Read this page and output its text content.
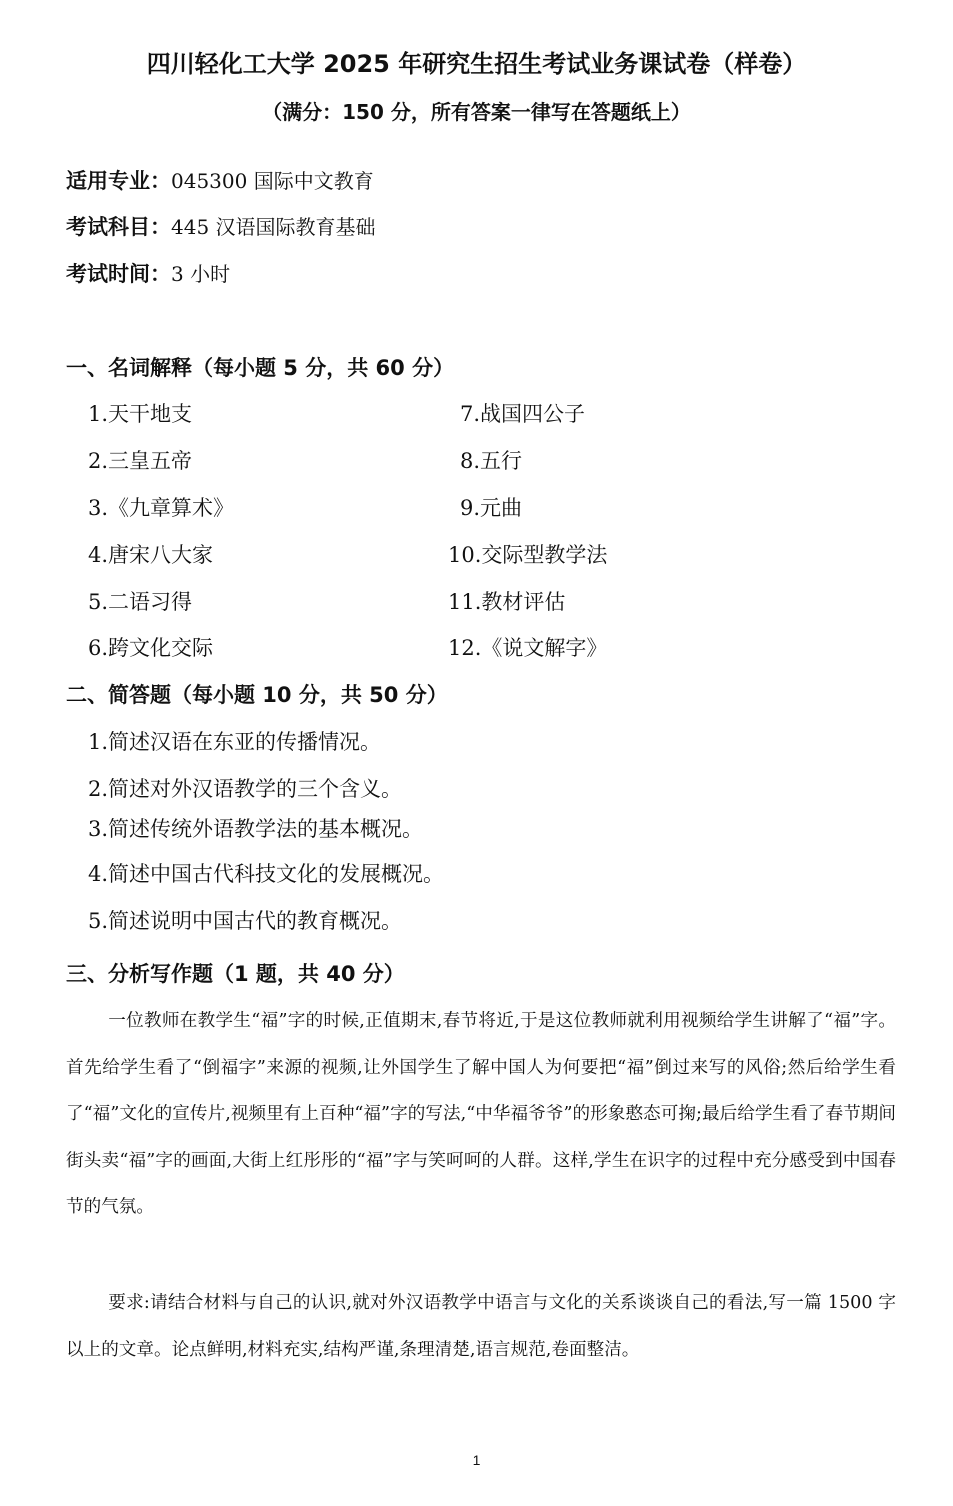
四川轻化工大学 2025 年研究生招生考试业务课试卷（样卷）
（满分：150 分，所有答案一律写在答题纸上）
适用专业：045300 国际中文教育
考试科目：445 汉语国际教育基础
考试时间：3 小时
一、名词解释（每小题 5 分，共 60 分）
1.天干地支
2.三皇五帝
3.《九章算术》
4.唐宋八大家
5.二语习得
6.跨文化交际
7.战国四公子
8.五行
9.元曲
10.交际型教学法
11.教材评估
12.《说文解字》
二、简答题（每小题 10 分，共 50 分）
1.简述汉语在东亚的传播情况。
2.简述对外汉语教学的三个含义。
3.简述传统外语教学法的基本概况。
4.简述中国古代科技文化的发展概况。
5.简述说明中国古代的教育概况。
三、分析写作题（1 题，共 40 分）

一位教师在教学生“福”字的时候,正值期末,春节将近,于是这位教师就利用视频给学生讲解了“福”字。首先给学生看了“倒福字”来源的视频,让外国学生了解中国人为何要把“福”倒过来写的风俗;然后给学生看了“福”文化的宣传片,视频里有上百种“福”字的写法,“中华福爷爷”的形象憨态可掬;最后给学生看了春节期间街头卖“福”字的画面,大街上红彤彤的“福”字与笑呵呵的人群。这样,学生在识字的过程中充分感受到中国春节的气氛。

要求:请结合材料与自己的认识,就对外汉语教学中语言与文化的关系谈谈自己的看法,写一篇 1500 字以上的文章。论点鲜明,材料充实,结构严谨,条理清楚,语言规范,卷面整洁。

1
